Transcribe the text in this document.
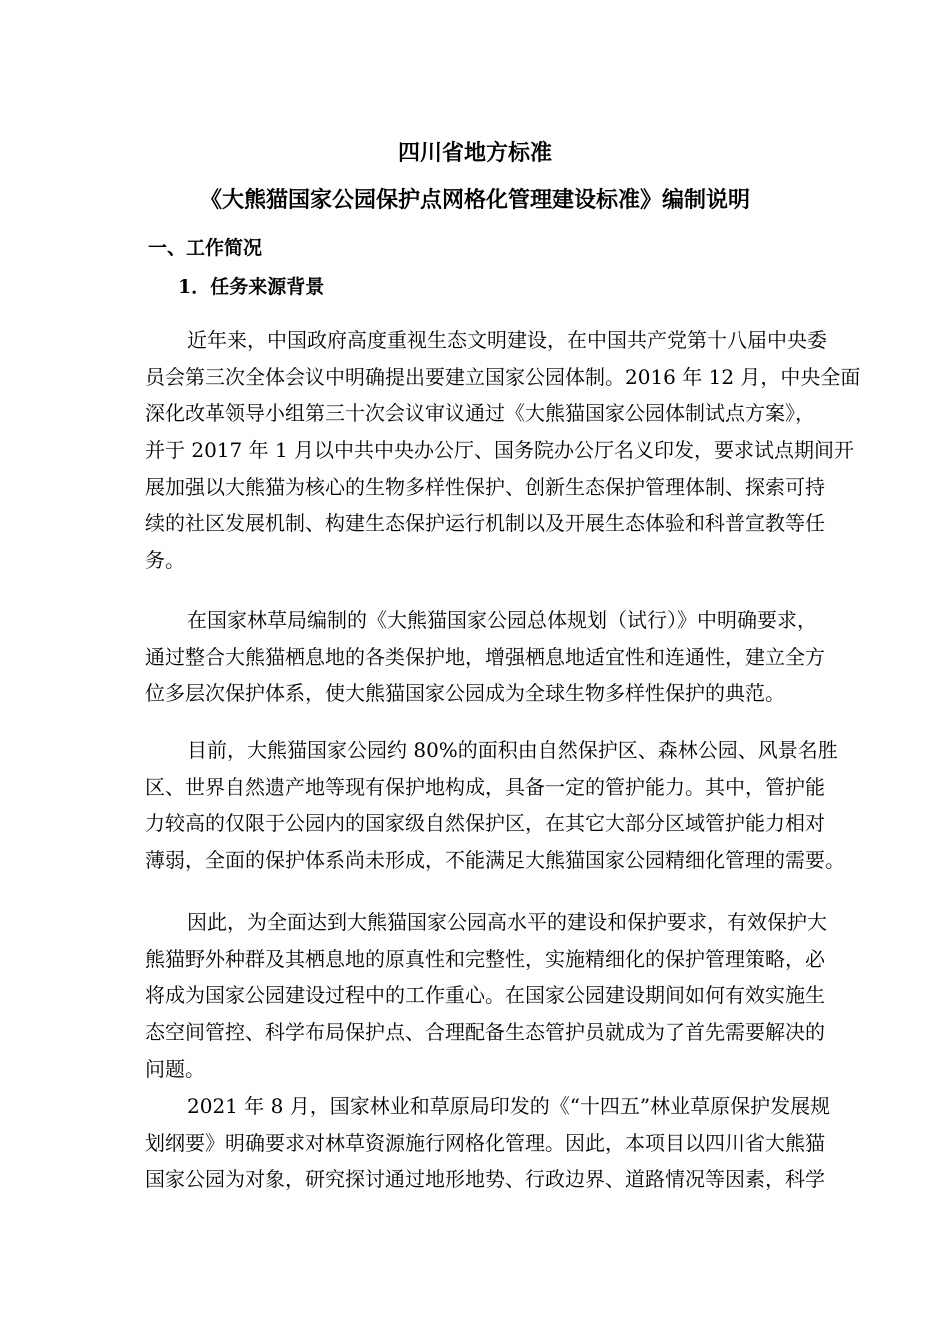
四川省地方标准
《大熊猫国家公园保护点网格化管理建设标准》编制说明
一、工作简况
1．任务来源背景
近年来，中国政府高度重视生态文明建设，在中国共产党第十八届中央委
员会第三次全体会议中明确提出要建立国家公园体制。2016 年 12 月，中央全面
深化改革领导小组第三十次会议审议通过《大熊猫国家公园体制试点方案》，
并于 2017 年 1 月以中共中央办公厅、国务院办公厅名义印发，要求试点期间开
展加强以大熊猫为核心的生物多样性保护、创新生态保护管理体制、探索可持
续的社区发展机制、构建生态保护运行机制以及开展生态体验和科普宣教等任
务。
在国家林草局编制的《大熊猫国家公园总体规划（试行）》中明确要求，
通过整合大熊猫栖息地的各类保护地，增强栖息地适宜性和连通性，建立全方
位多层次保护体系，使大熊猫国家公园成为全球生物多样性保护的典范。
目前，大熊猫国家公园约 80%的面积由自然保护区、森林公园、风景名胜
区、世界自然遗产地等现有保护地构成，具备一定的管护能力。其中，管护能
力较高的仅限于公园内的国家级自然保护区，在其它大部分区域管护能力相对
薄弱，全面的保护体系尚未形成，不能满足大熊猫国家公园精细化管理的需要。
因此，为全面达到大熊猫国家公园高水平的建设和保护要求，有效保护大
熊猫野外种群及其栖息地的原真性和完整性，实施精细化的保护管理策略，必
将成为国家公园建设过程中的工作重心。在国家公园建设期间如何有效实施生
态空间管控、科学布局保护点、合理配备生态管护员就成为了首先需要解决的
问题。
2021 年 8 月，国家林业和草原局印发的《“十四五”林业草原保护发展规
划纲要》明确要求对林草资源施行网格化管理。因此，本项目以四川省大熊猫
国家公园为对象，研究探讨通过地形地势、行政边界、道路情况等因素，科学
